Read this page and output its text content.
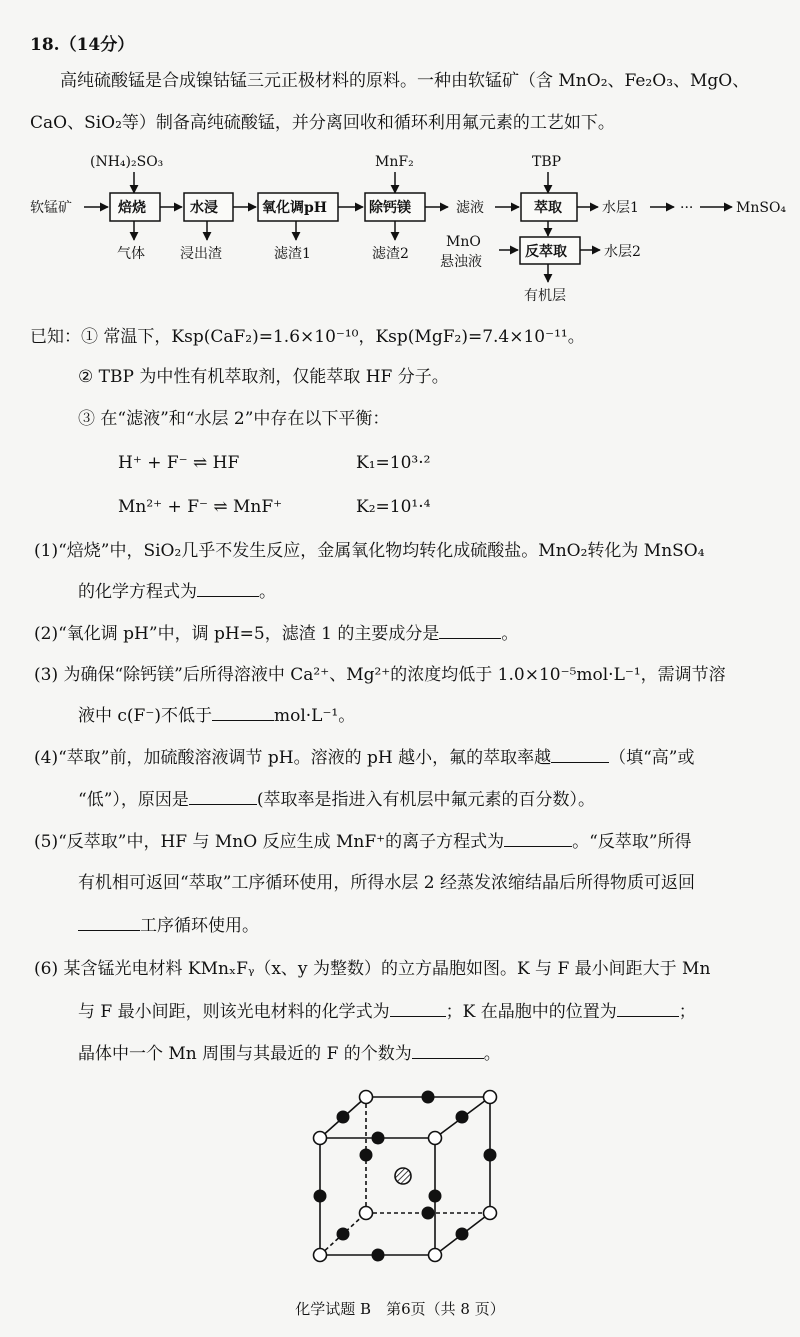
18.（14分）
高纯硫酸锰是合成镍钴锰三元正极材料的原料。一种由软锰矿（含 MnO₂、Fe₂O₃、MgO、
CaO、SiO₂等）制备高纯硫酸锰，并分离回收和循环利用氟元素的工艺如下。
软锰矿
(NH₄)₂SO₃	MnF₂	TBP
焙烧	水浸	氧化调pH	除钙镁	滤液	萃取
反萃取
气体	浸出渣	滤渣1	滤渣2
水层1	···	MnSO₄
MnO
悬浊液
水层2
有机层
已知：① 常温下，Ksp(CaF₂)=1.6×10⁻¹⁰，Ksp(MgF₂)=7.4×10⁻¹¹。
② TBP 为中性有机萃取剂，仅能萃取 HF 分子。
③ 在“滤液”和“水层 2”中存在以下平衡：
H⁺ + F⁻ ⇌ HF	K₁=10³·²
Mn²⁺ + F⁻ ⇌ MnF⁺	K₂=10¹·⁴
(1)“焙烧”中，SiO₂几乎不发生反应，金属氧化物均转化成硫酸盐。MnO₂转化为 MnSO₄
的化学方程式为	。
(2)“氧化调 pH”中，调 pH=5，滤渣 1 的主要成分是	。
(3) 为确保“除钙镁”后所得溶液中 Ca²⁺、Mg²⁺的浓度均低于 1.0×10⁻⁵mol·L⁻¹，需调节溶
液中 c(F⁻)不低于	mol·L⁻¹。
(4)“萃取”前，加硫酸溶液调节 pH。溶液的 pH 越小，氟的萃取率越	（填“高”或
“低”），原因是	(萃取率是指进入有机层中氟元素的百分数）。
(5)“反萃取”中，HF 与 MnO 反应生成 MnF⁺的离子方程式为	。“反萃取”所得
有机相可返回“萃取”工序循环使用，所得水层 2 经蒸发浓缩结晶后所得物质可返回
工序循环使用。
(6) 某含锰光电材料 KMnₓFᵧ（x、y 为整数）的立方晶胞如图。K 与 F 最小间距大于 Mn
与 F 最小间距，则该光电材料的化学式为	；K 在晶胞中的位置为	；
晶体中一个 Mn 周围与其最近的 F 的个数为	。
化学试题 B　第6页（共 8 页）
